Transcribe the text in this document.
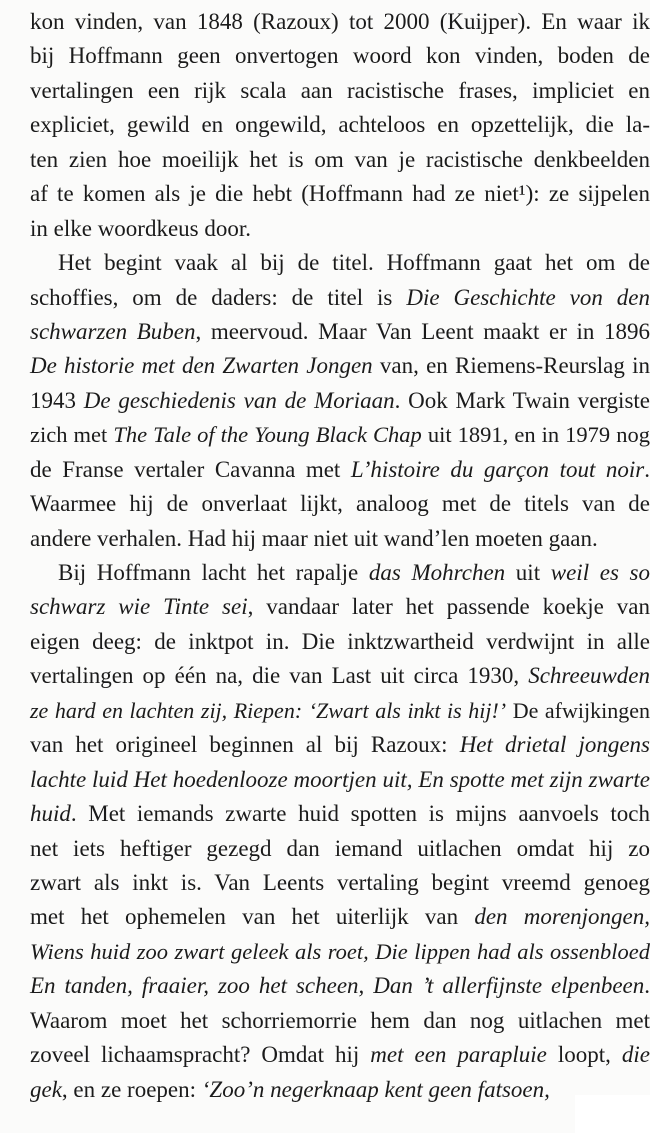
kon vinden, van 1848 (Razoux) tot 2000 (Kuijper). En waar ik
bij Hoffmann geen onvertogen woord kon vinden, boden de
vertalingen een rijk scala aan racistische frases, impliciet en
expliciet, gewild en ongewild, achteloos en opzettelijk, die la-
ten zien hoe moeilijk het is om van je racistische denkbeelden
af te komen als je die hebt (Hoffmann had ze niet¹): ze sijpelen
in elke woordkeus door.
Het begint vaak al bij de titel. Hoffmann gaat het om de
schoffies, om de daders: de titel is Die Geschichte von den
schwarzen Buben, meervoud. Maar Van Leent maakt er in 1896
De historie met den Zwarten Jongen van, en Riemens-Reurslag in
1943 De geschiedenis van de Moriaan. Ook Mark Twain vergiste
zich met The Tale of the Young Black Chap uit 1891, en in 1979 nog
de Franse vertaler Cavanna met L’histoire du garçon tout noir.
Waarmee hij de onverlaat lijkt, analoog met de titels van de
andere verhalen. Had hij maar niet uit wand’len moeten gaan.
Bij Hoffmann lacht het rapalje das Mohrchen uit weil es so
schwarz wie Tinte sei, vandaar later het passende koekje van
eigen deeg: de inktpot in. Die inktzwartheid verdwijnt in alle
vertalingen op één na, die van Last uit circa 1930, Schreeuwden
ze hard en lachten zij, Riepen: ‘Zwart als inkt is hij!’ De afwijkingen
van het origineel beginnen al bij Razoux: Het drietal jongens
lachte luid Het hoedenlooze moortjen uit, En spotte met zijn zwarte
huid. Met iemands zwarte huid spotten is mijns aanvoels toch
net iets heftiger gezegd dan iemand uitlachen omdat hij zo
zwart als inkt is. Van Leents vertaling begint vreemd genoeg
met het ophemelen van het uiterlijk van den morenjongen,
Wiens huid zoo zwart geleek als roet, Die lippen had als ossenbloed
En tanden, fraaier, zoo het scheen, Dan ’t allerfijnste elpenbeen.
Waarom moet het schorriemorrie hem dan nog uitlachen met
zoveel lichaamspracht? Omdat hij met een parapluie loopt, die
gek, en ze roepen: ‘Zoo’n negerknaap kent geen fatsoen,
